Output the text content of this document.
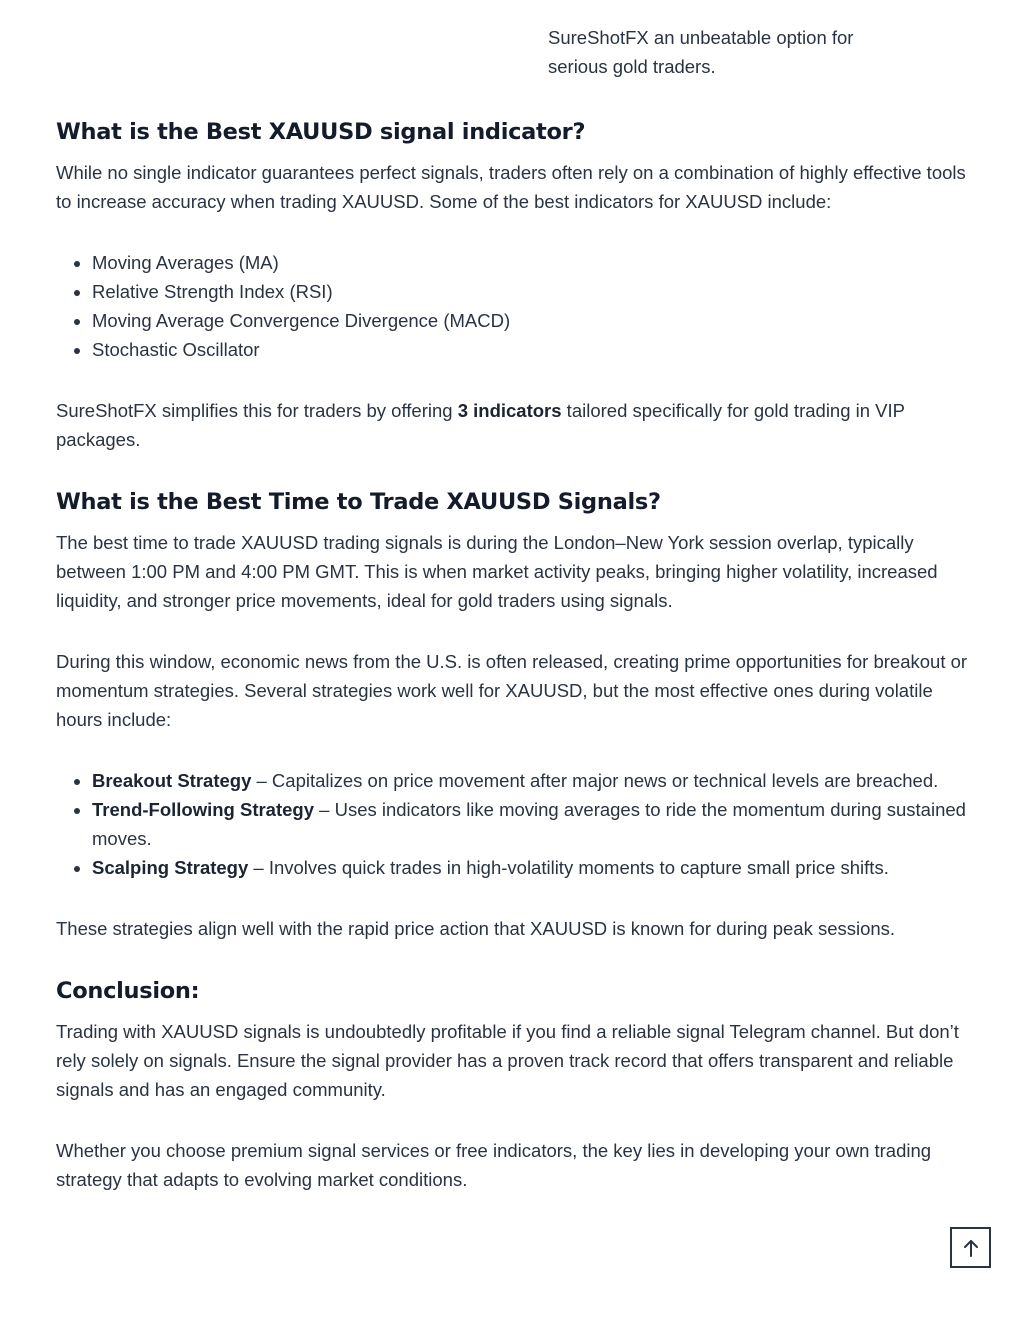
SureShotFX an unbeatable option for serious gold traders.

What is the Best XAUUSD signal indicator?

While no single indicator guarantees perfect signals, traders often rely on a combination of highly effective tools to increase accuracy when trading XAUUSD. Some of the best indicators for XAUUSD include:

• Moving Averages (MA)
• Relative Strength Index (RSI)
• Moving Average Convergence Divergence (MACD)
• Stochastic Oscillator

SureShotFX simplifies this for traders by offering 3 indicators tailored specifically for gold trading in VIP packages.

What is the Best Time to Trade XAUUSD Signals?

The best time to trade XAUUSD trading signals is during the London–New York session overlap, typically between 1:00 PM and 4:00 PM GMT. This is when market activity peaks, bringing higher volatility, increased liquidity, and stronger price movements, ideal for gold traders using signals.

During this window, economic news from the U.S. is often released, creating prime opportunities for breakout or momentum strategies. Several strategies work well for XAUUSD, but the most effective ones during volatile hours include:

• Breakout Strategy – Capitalizes on price movement after major news or technical levels are breached.
• Trend-Following Strategy – Uses indicators like moving averages to ride the momentum during sustained moves.
• Scalping Strategy – Involves quick trades in high-volatility moments to capture small price shifts.

These strategies align well with the rapid price action that XAUUSD is known for during peak sessions.

Conclusion:

Trading with XAUUSD signals is undoubtedly profitable if you find a reliable signal Telegram channel. But don’t rely solely on signals. Ensure the signal provider has a proven track record that offers transparent and reliable signals and has an engaged community.

Whether you choose premium signal services or free indicators, the key lies in developing your own trading strategy that adapts to evolving market conditions.
